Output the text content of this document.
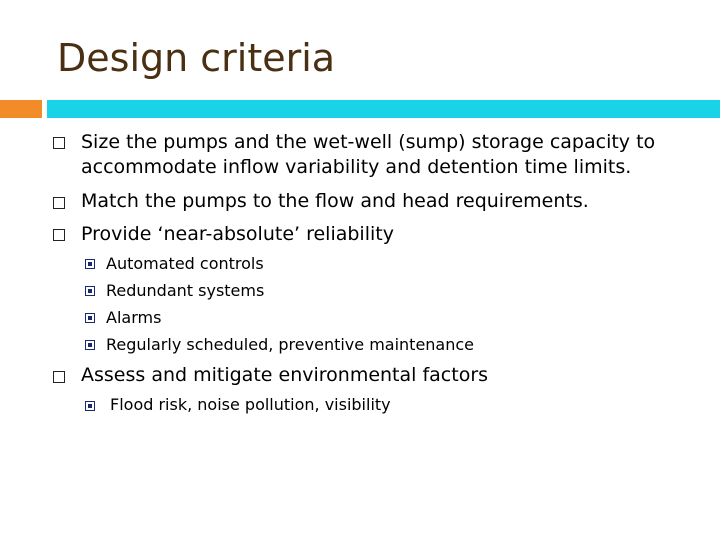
Design criteria
Size the pumps and the wet-well (sump) storage capacity to
accommodate inflow variability and detention time limits.
Match the pumps to the flow and head requirements.
Provide ‘near-absolute’ reliability
Automated controls
Redundant systems
Alarms
Regularly scheduled, preventive maintenance
Assess and mitigate environmental factors
Flood risk, noise pollution, visibility
